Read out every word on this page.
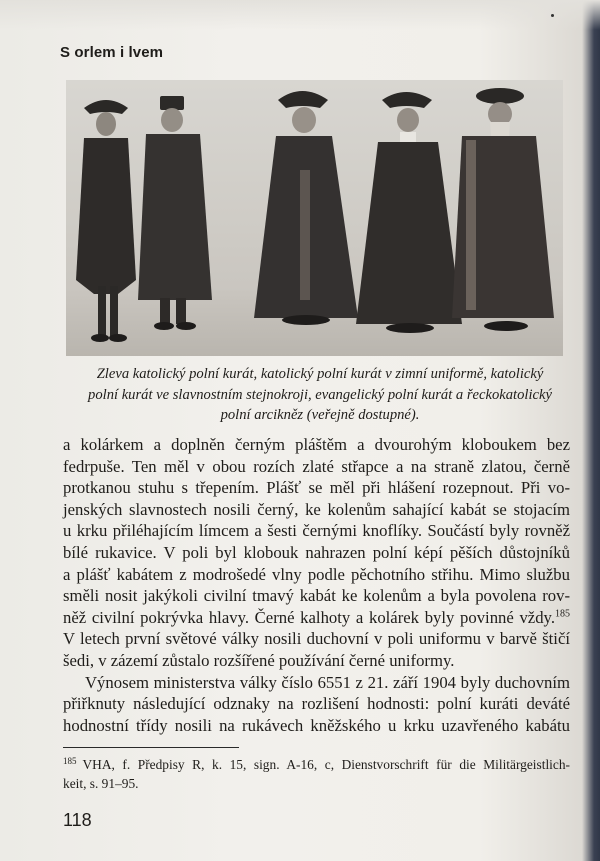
S orlem i lvem
Zleva katolický polní kurát, katolický polní kurát v zimní uniformě, katolický
polní kurát ve slavnostním stejnokroji, evangelický polní kurát a řeckokatolický
polní arcikněz (veřejně dostupné).
a kolárkem a doplněn černým pláštěm a dvourohým kloboukem bez
fedrpuše. Ten měl v obou rozích zlaté střapce a na straně zlatou, černě
protkanou stuhu s třepením. Plášť se měl při hlášení rozepnout. Při vo-
jenských slavnostech nosili černý, ke kolenům sahající kabát se stojacím
u krku přiléhajícím límcem a šesti černými knoflíky. Součástí byly rovněž
bílé rukavice. V poli byl klobouk nahrazen polní képí pěších důstojníků
a plášť kabátem z modrošedé vlny podle pěchotního střihu. Mimo službu
směli nosit jakýkoli civilní tmavý kabát ke kolenům a byla povolena rov-
něž civilní pokrývka hlavy. Černé kalhoty a kolárek byly povinné vždy.$^{185}$
V letech první světové války nosili duchovní v poli uniformu v barvě štičí
šedi, v zázemí zůstalo rozšířené používání černé uniformy.
Výnosem ministerstva války číslo 6551 z 21. září 1904 byly duchovním
přiřknuty následující odznaky na rozlišení hodnosti: polní kuráti deváté
hodnostní třídy nosili na rukávech kněžského u krku uzavřeného kabátu
$^{185}$ VHA, f. Předpisy R, k. 15, sign. A-16, c, Dienstvorschrift für die Militärgeistlich-
keit, s. 91–95.
118
